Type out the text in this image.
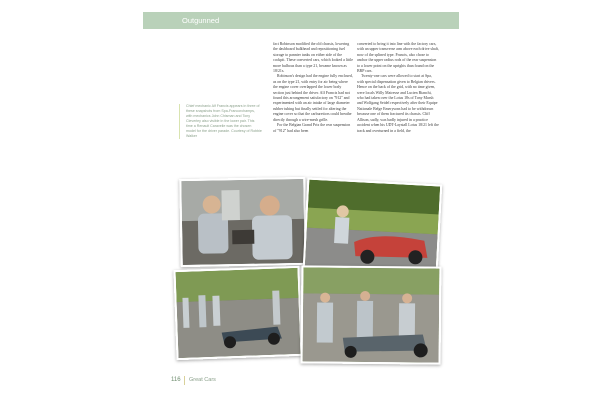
Outgunned
Chief mechanic Alf Francis appears in three of these snapshots from Spa-Francorchamps, with mechanics John Chisman and Tony Cleverley also visible in the lower pair. This time a Renault Caravelle was the chosen model for the driver parade. Courtesy of Robbie Walker

fact Robinson modified the old chassis, lowering the dashboard bulkhead and repositioning fuel storage to pannier tanks on either side of the cockpit. These converted cars, which looked a little more bulbous than a type 21, became known as 18/21s.

Robinson's design had the engine fully enclosed, as on the type 21, with entry for air being where the engine cover overlapped the lower body section just behind the driver. Alf Francis had not found this arrangement satisfactory on "912" and experimented with an air intake of large diameter rubber tubing but finally settled for altering the engine cover so that the carburettors could breathe directly through a wire-mesh grille.

For the Belgian Grand Prix the rear suspension of "912" had also been

converted to bring it into line with the factory cars, with an upper transverse arm above each drive shaft, now of the splined type. Francis, also chose to anchor the upper radius rods of the rear suspension to a lower point on the uprights than found on the BRP cars.

Twenty-one cars were allowed to start at Spa, with special dispensation given to Belgian drivers. Hence on the back of the grid, with no time given, were locals Willy Mairesse and Lucien Bianchi, who had taken over the Lotus 18s of Tony Marsh and Wolfgang Seidel respectively after their Equipe Nationale Belge Emerysons had to be withdrawn because one of them fractured its chassis. Cliff Allison, sadly, was badly injured in a practice accident when his UDT-Laystall Lotus 18/21 left the track and overturned in a field, the

116 Great Cars
